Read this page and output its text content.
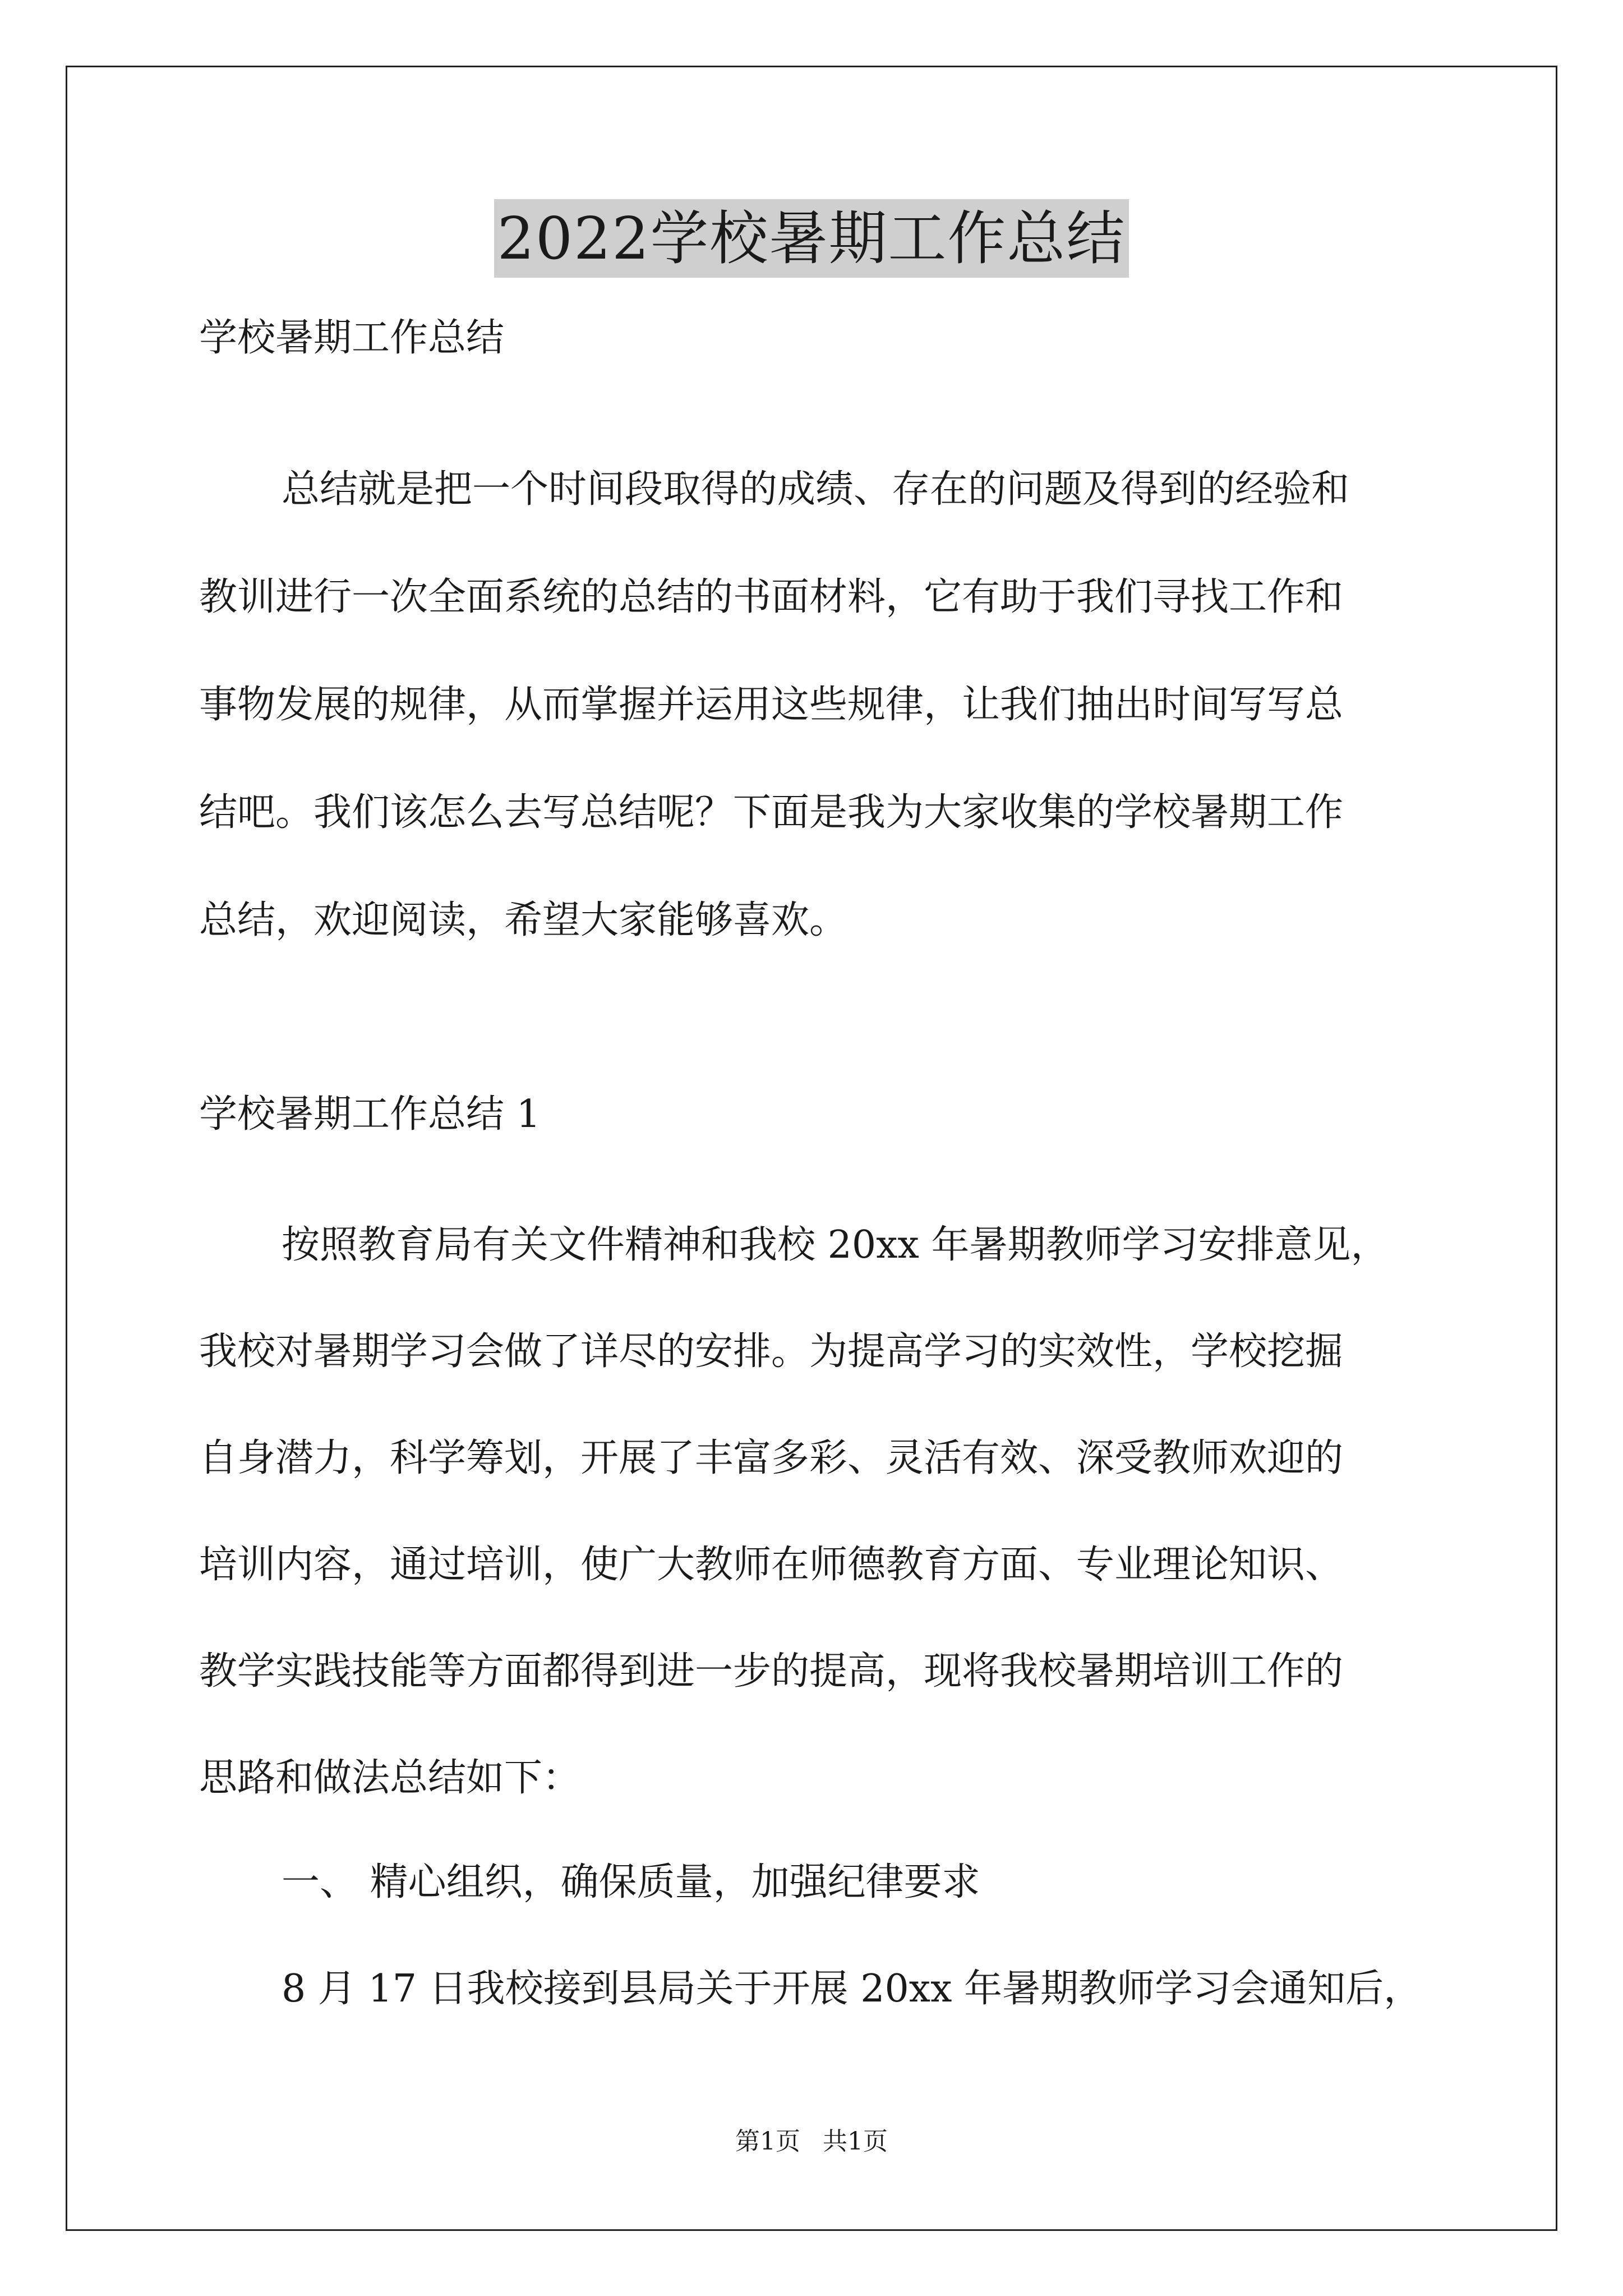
2022学校暑期工作总结
学校暑期工作总结
总结就是把一个时间段取得的成绩、存在的问题及得到的经验和
教训进行一次全面系统的总结的书面材料，它有助于我们寻找工作和
事物发展的规律，从而掌握并运用这些规律，让我们抽出时间写写总
结吧。我们该怎么去写总结呢？下面是我为大家收集的学校暑期工作
总结，欢迎阅读，希望大家能够喜欢。
学校暑期工作总结 1
按照教育局有关文件精神和我校 20xx 年暑期教师学习安排意见，
我校对暑期学习会做了详尽的安排。为提高学习的实效性，学校挖掘
自身潜力，科学筹划，开展了丰富多彩、灵活有效、深受教师欢迎的
培训内容，通过培训，使广大教师在师德教育方面、专业理论知识、
教学实践技能等方面都得到进一步的提高，现将我校暑期培训工作的
思路和做法总结如下：
一、 精心组织，确保质量，加强纪律要求
8 月 17 日我校接到县局关于开展 20xx 年暑期教师学习会通知后，
第1页 共1页
